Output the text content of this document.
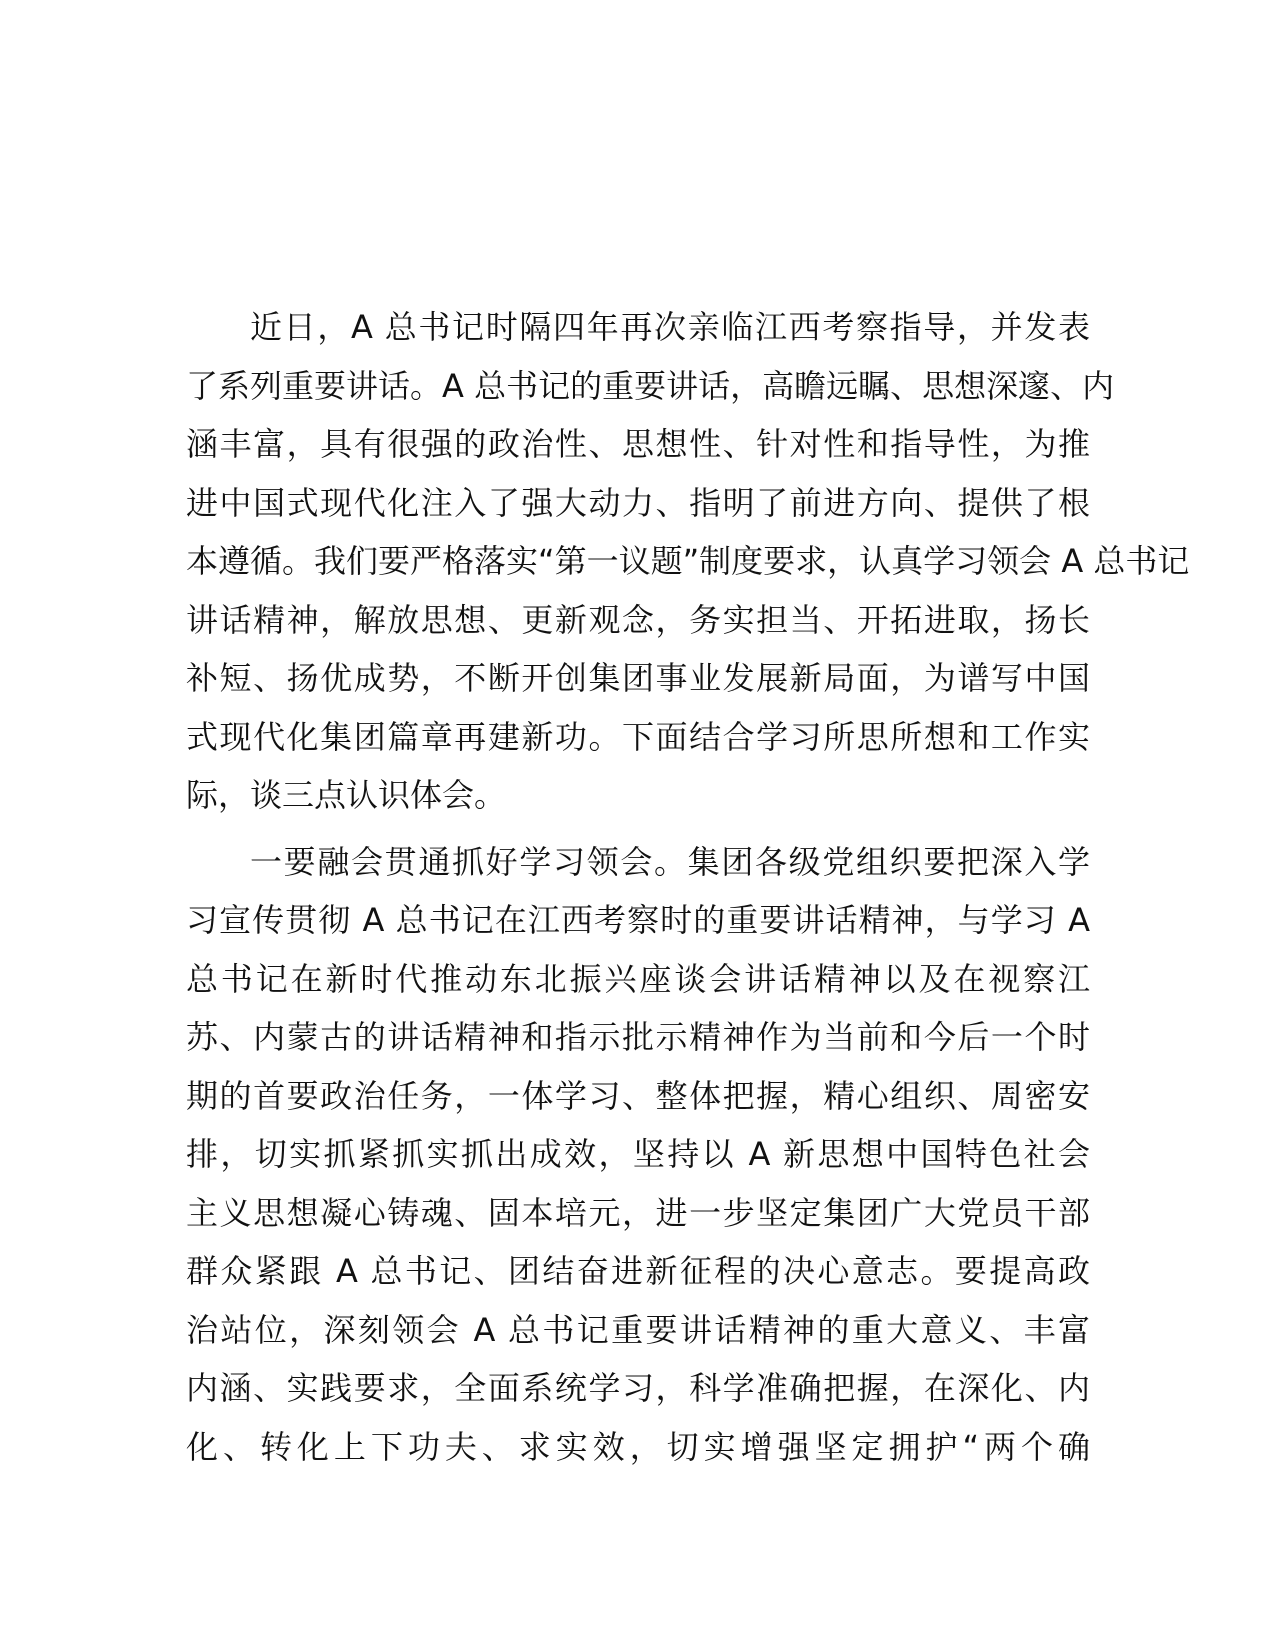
近日，A 总书记时隔四年再次亲临江西考察指导，并发表
了系列重要讲话。A 总书记的重要讲话，高瞻远瞩、思想深邃、内
涵丰富，具有很强的政治性、思想性、针对性和指导性，为推
进中国式现代化注入了强大动力、指明了前进方向、提供了根
本遵循。我们要严格落实“第一议题”制度要求，认真学习领会 A 总书记
讲话精神，解放思想、更新观念，务实担当、开拓进取，扬长
补短、扬优成势，不断开创集团事业发展新局面，为谱写中国
式现代化集团篇章再建新功。下面结合学习所思所想和工作实
际，谈三点认识体会。
一要融会贯通抓好学习领会。集团各级党组织要把深入学
习宣传贯彻 A 总书记在江西考察时的重要讲话精神，与学习 A
总书记在新时代推动东北振兴座谈会讲话精神以及在视察江
苏、内蒙古的讲话精神和指示批示精神作为当前和今后一个时
期的首要政治任务，一体学习、整体把握，精心组织、周密安
排，切实抓紧抓实抓出成效，坚持以 A 新思想中国特色社会
主义思想凝心铸魂、固本培元，进一步坚定集团广大党员干部
群众紧跟 A 总书记、团结奋进新征程的决心意志。要提高政
治站位，深刻领会 A 总书记重要讲话精神的重大意义、丰富
内涵、实践要求，全面系统学习，科学准确把握，在深化、内
化、转化上下功夫、求实效，切实增强坚定拥护“两个确
